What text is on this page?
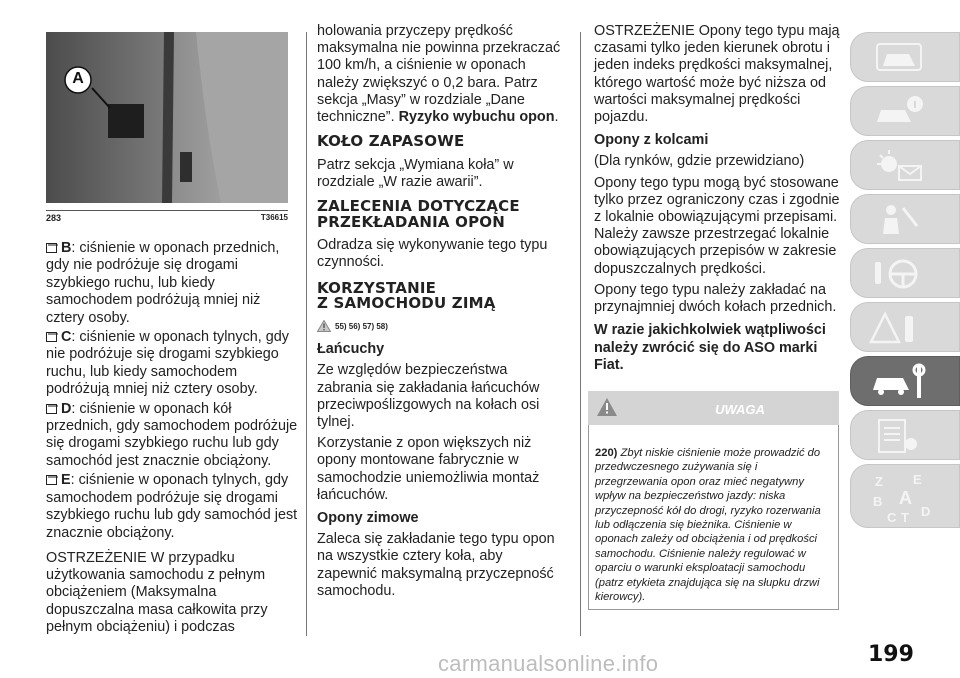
A
283	T36615

B: ciśnienie w oponach przednich, gdy nie podróżuje się drogami szybkiego ruchu, lub kiedy samochodem podróżują mniej niż cztery osoby.

C: ciśnienie w oponach tylnych, gdy nie podróżuje się drogami szybkiego ruchu, lub kiedy samochodem podróżują mniej niż cztery osoby.

D: ciśnienie w oponach kół przednich, gdy samochodem podróżuje się drogami szybkiego ruchu lub gdy samochód jest znacznie obciążony.

E: ciśnienie w oponach tylnych, gdy samochodem podróżuje się drogami szybkiego ruchu lub gdy samochód jest znacznie obciążony.

OSTRZEŻENIE W przypadku użytkowania samochodu z pełnym obciążeniem (Maksymalna dopuszczalna masa całkowita przy pełnym obciążeniu) i podczas

holowania przyczepy prędkość maksymalna nie powinna przekraczać 100 km/h, a ciśnienie w oponach należy zwiększyć o 0,2 bara. Patrz sekcja „Masy” w rozdziale „Dane techniczne”. Ryzyko wybuchu opon.

KOŁO ZAPASOWE

Patrz sekcja „Wymiana koła” w rozdziale „W razie awarii”.

ZALECENIA DOTYCZĄCE
PRZEKŁADANIA OPON

Odradza się wykonywanie tego typu czynności.

KORZYSTANIE
Z SAMOCHODU ZIMĄ
55) 56) 57) 58)

Łańcuchy

Ze względów bezpieczeństwa zabrania się zakładania łańcuchów przeciwpoślizgowych na kołach osi tylnej.

Korzystanie z opon większych niż opony montowane fabrycznie w samochodzie uniemożliwia montaż łańcuchów.

Opony zimowe

Zaleca się zakładanie tego typu opon na wszystkie cztery koła, aby zapewnić maksymalną przyczepność samochodu.

OSTRZEŻENIE Opony tego typu mają czasami tylko jeden kierunek obrotu i jeden indeks prędkości maksymalnej, którego wartość może być niższa od wartości maksymalnej prędkości pojazdu.

Opony z kolcami

(Dla rynków, gdzie przewidziano)

Opony tego typu mogą być stosowane tylko przez ograniczony czas i zgodnie z lokalnie obowiązującymi przepisami. Należy zawsze przestrzegać lokalnie obowiązujących przepisów w zakresie dopuszczalnych prędkości.

Opony tego typu należy zakładać na przynajmniej dwóch kołach przednich.

W razie jakichkolwiek wątpliwości należy zwrócić się do ASO marki Fiat.

UWAGA
220) Zbyt niskie ciśnienie może prowadzić do przedwczesnego zużywania się i przegrzewania opon oraz mieć negatywny wpływ na bezpieczeństwo jazdy: niska przyczepność kół do drogi, ryzyko rozerwania lub odłączenia się bieżnika. Ciśnienie w oponach zależy od obciążenia i od prędkości samochodu. Ciśnienie należy regulować w oparciu o warunki eksploatacji samochodu (patrz etykieta znajdująca się na słupku drzwi kierowcy).
Z E
B A
C T D
199
carmanualsonline.info
